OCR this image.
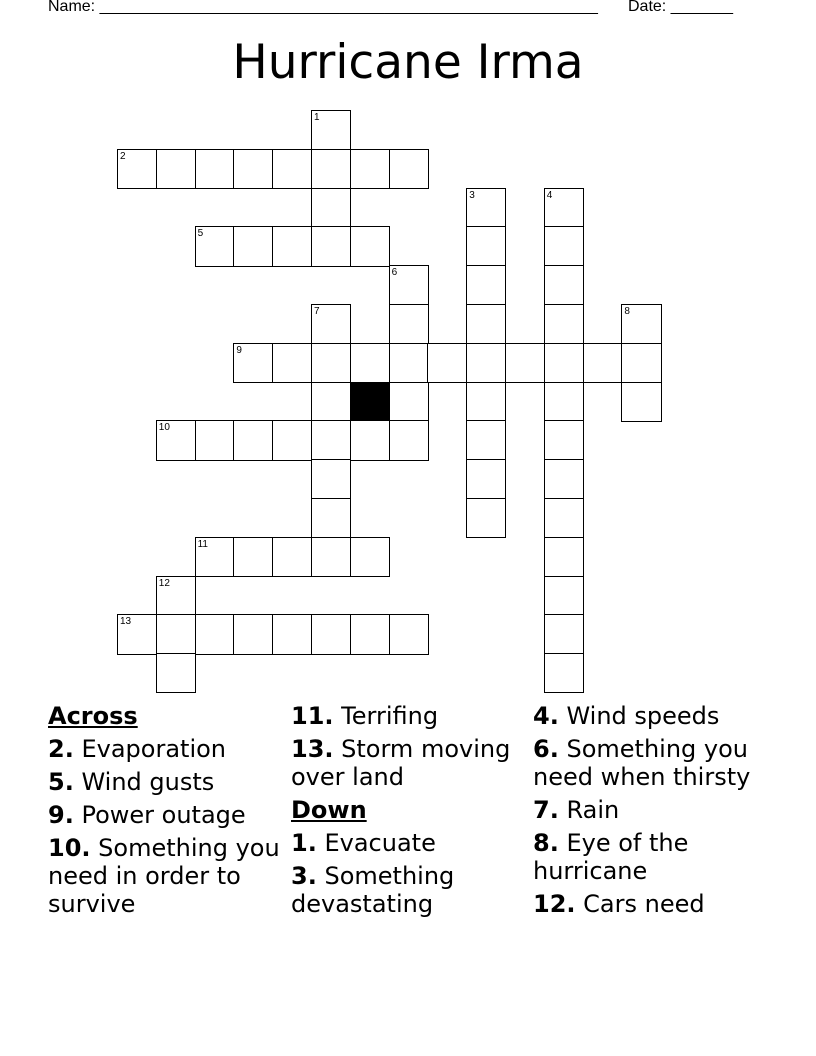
Name: ________________________________________________________ Date: _______
Hurricane Irma
1
2
3	4
5
6
7	8
9
10
11
12
13
Across
2. Evaporation
5. Wind gusts
9. Power outage
10. Something you need in order to survive
11. Terrifing
13. Storm moving over land
Down
1. Evacuate
3. Something devastating
4. Wind speeds
6. Something you need when thirsty
7. Rain
8. Eye of the hurricane
12. Cars need
